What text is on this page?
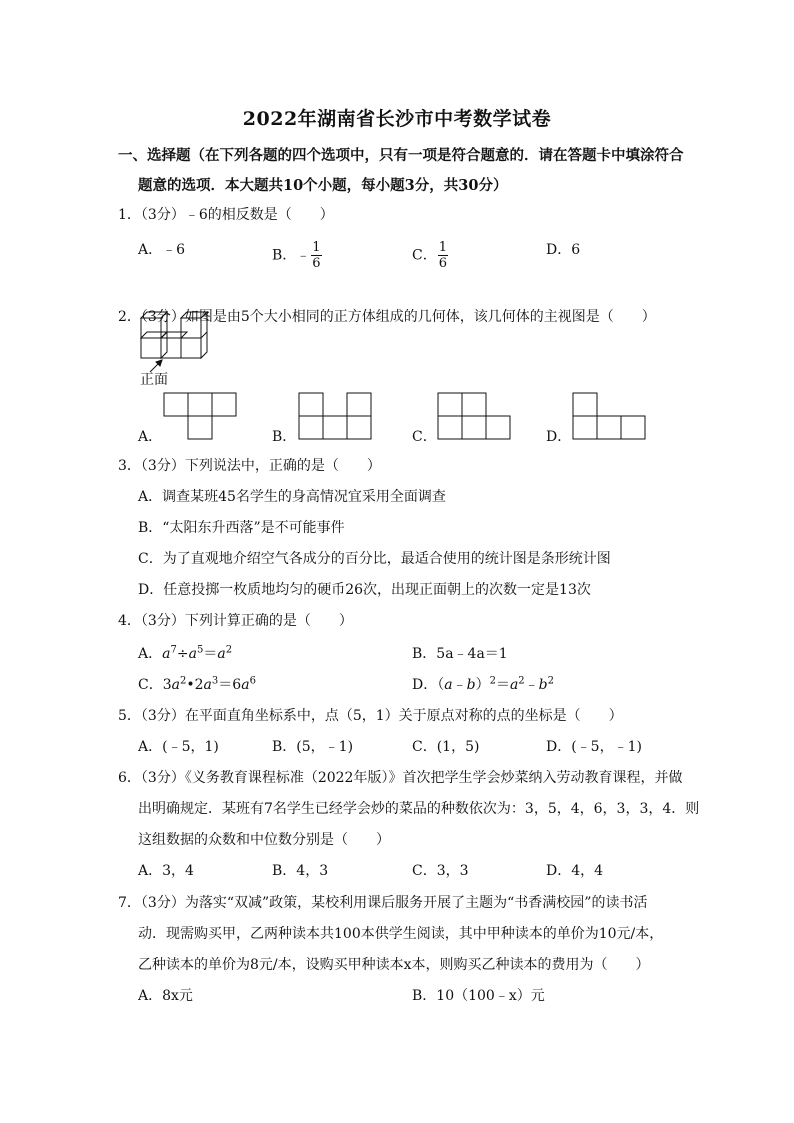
2022年湖南省长沙市中考数学试卷
一、选择题（在下列各题的四个选项中，只有一项是符合题意的．请在答题卡中填涂符合
题意的选项．本大题共10个小题，每小题3分，共30分）
1．（3分）﹣6的相反数是（　　）
A．﹣6	B．﹣ $\frac{1}{6}$	C． $\frac{1}{6}$	D．6
2．（3分）如图是由5个大小相同的正方体组成的几何体，该几何体的主视图是（　　）
正面
A．	B．	C．	D．
3．（3分）下列说法中，正确的是（　　）
A．调查某班45名学生的身高情况宜采用全面调查
B．“太阳东升西落”是不可能事件
C．为了直观地介绍空气各成分的百分比，最适合使用的统计图是条形统计图
D．任意投掷一枚质地均匀的硬币26次，出现正面朝上的次数一定是13次
4．（3分）下列计算正确的是（　　）
A．$a^7\div a^5=a^2$	B．5a﹣4a＝1
C．$3a^2•2a^3=6a^6$	D．$(a﹣b)^2=a^2﹣b^2$
5．（3分）在平面直角坐标系中，点（5，1）关于原点对称的点的坐标是（　　）
A．(﹣5，1)	B．(5，﹣1)	C．(1，5)	D．(﹣5，﹣1)
6．（3分）《义务教育课程标准（2022年版）》首次把学生学会炒菜纳入劳动教育课程，并做
出明确规定．某班有7名学生已经学会炒的菜品的种数依次为：3，5，4，6，3，3，4．则
这组数据的众数和中位数分别是（　　）
A．3，4	B．4，3	C．3，3	D．4，4
7．（3分）为落实“双减”政策，某校利用课后服务开展了主题为“书香满校园”的读书活
动．现需购买甲，乙两种读本共100本供学生阅读，其中甲种读本的单价为10元/本，
乙种读本的单价为8元/本，设购买甲种读本x本，则购买乙种读本的费用为（　　）
A．8x元	B．10（100﹣x）元
